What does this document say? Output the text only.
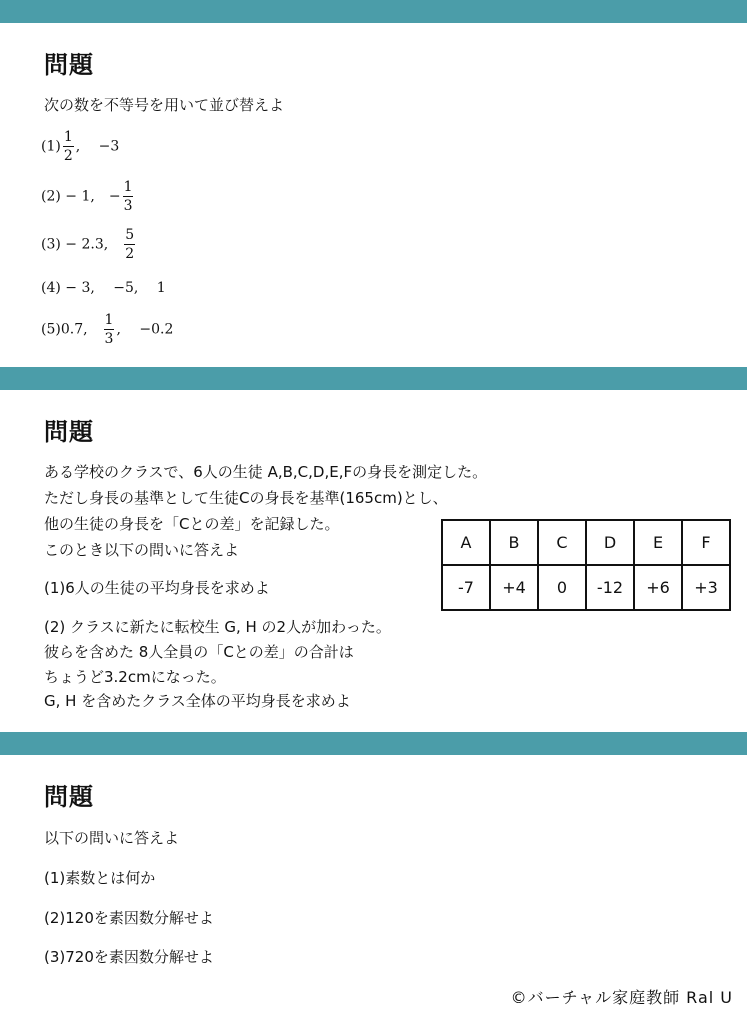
問題
次の数を不等号を用いて並び替えよ
$(1) \frac{1}{2}$ ,　 −3
(2) − 1, − $\frac{1}{3}$
(3) − 2.3, $\frac{5}{2}$
(4) − 3,　 −5,　 1
(5)0.7, $\frac{1}{3}$ ,　 −0.2
問題
ある学校のクラスで、6人の生徒 A,B,C,D,E,Fの身長を測定した。
ただし身長の基準として生徒Cの身長を基準(165cm)とし、
他の生徒の身長を「Cとの差」を記録した。
このとき以下の問いに答えよ
(1)6人の生徒の平均身長を求めよ
(2) クラスに新たに転校生 G, H の2人が加わった。
彼らを含めた 8人全員の「Cとの差」の合計は
ちょうど3.2cmになった。
G, H を含めたクラス全体の平均身長を求めよ
A	B	C	D	E	F
-7	+4	0	-12	+6	+3
問題
以下の問いに答えよ
(1)素数とは何か
(2)120を素因数分解せよ
(3)720を素因数分解せよ
©バーチャル家庭教師 Ral U
